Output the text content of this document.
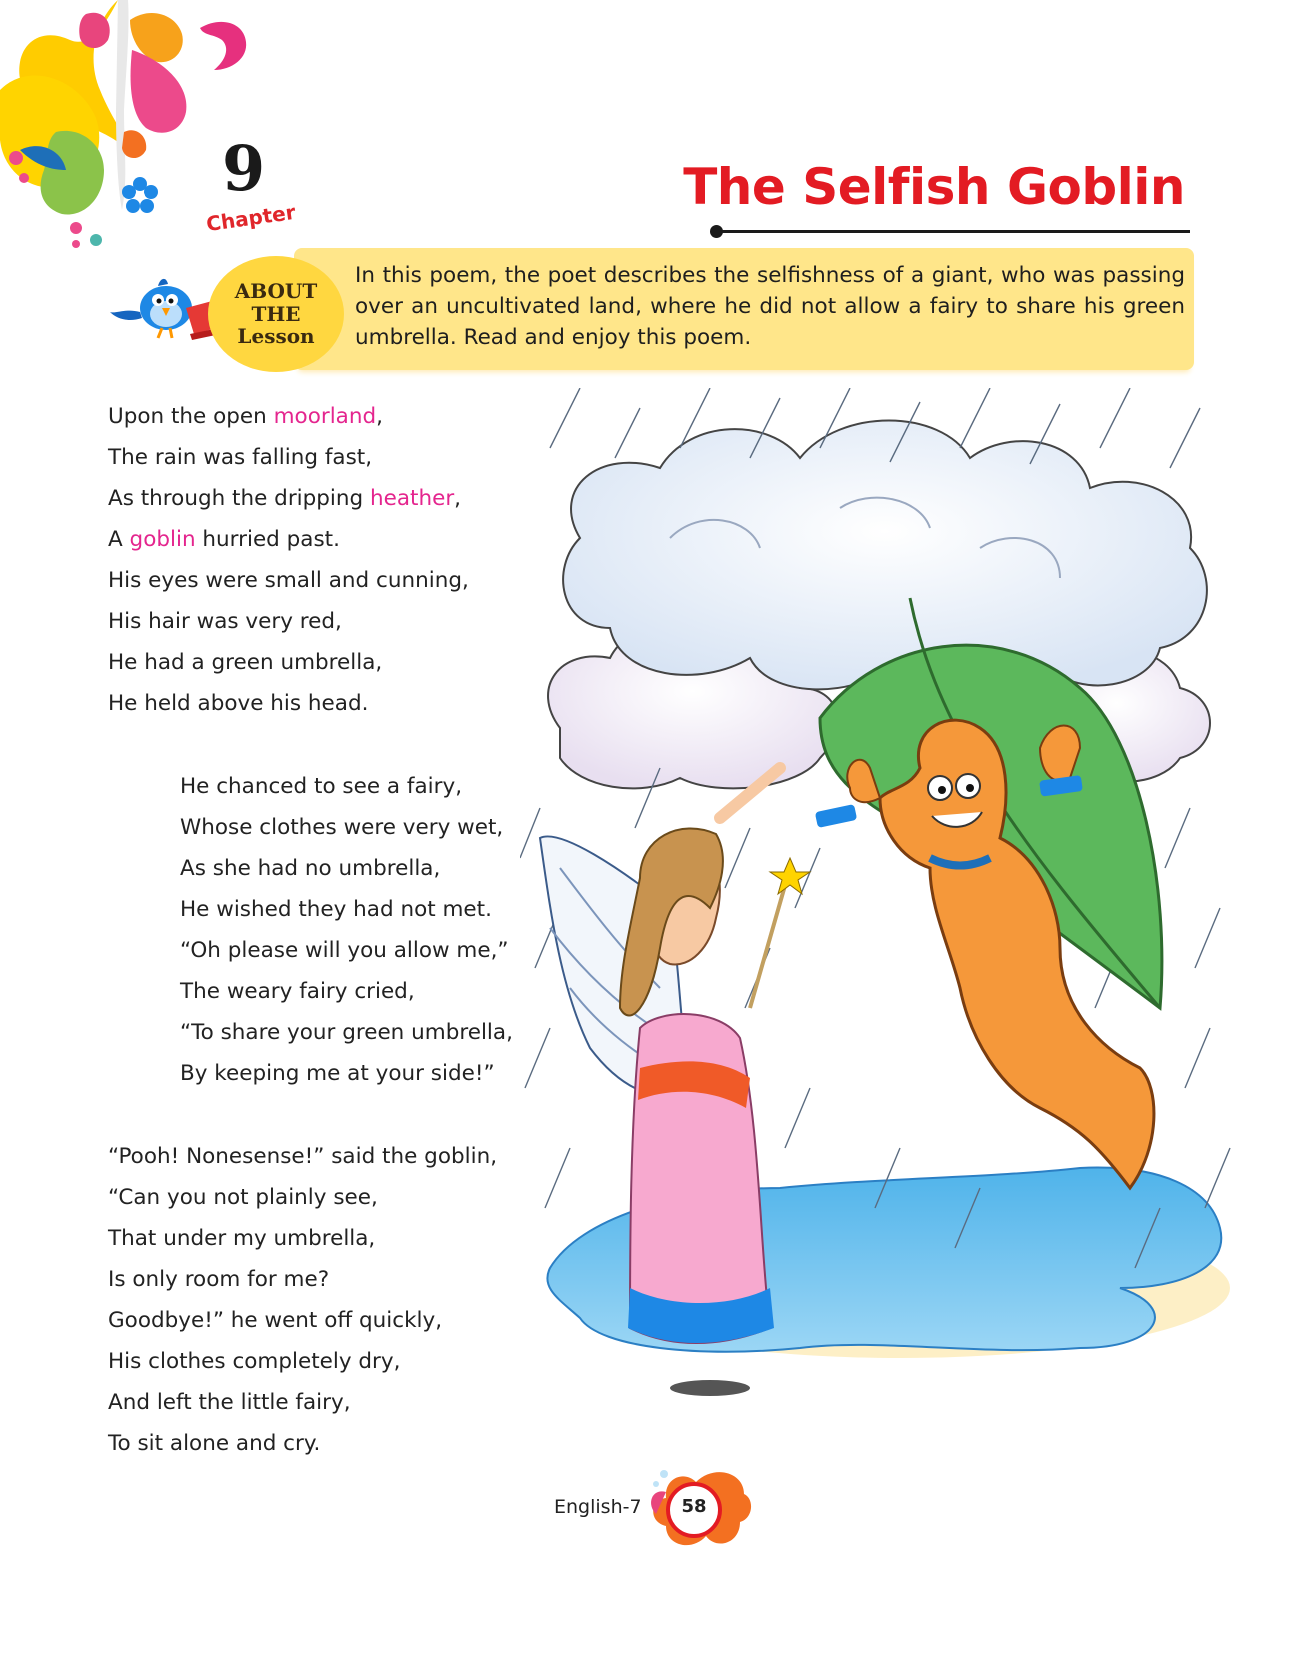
9
Chapter
The Selfish Goblin
ABOUT
THE
Lesson
In this poem, the poet describes the selfishness of a giant, who was passing over an uncultivated land, where he did not allow a fairy to share his green umbrella. Read and enjoy this poem.
Upon the open moorland,
The rain was falling fast,
As through the dripping heather,
A goblin hurried past.
His eyes were small and cunning,
His hair was very red,
He had a green umbrella,
He held above his head.
He chanced to see a fairy,
Whose clothes were very wet,
As she had no umbrella,
He wished they had not met.
“Oh please will you allow me,”
The weary fairy cried,
“To share your green umbrella,
By keeping me at your side!”
“Pooh! Nonesense!” said the goblin,
“Can you not plainly see,
That under my umbrella,
Is only room for me?
Goodbye!” he went off quickly,
His clothes completely dry,
And left the little fairy,
To sit alone and cry.
English-7	58
